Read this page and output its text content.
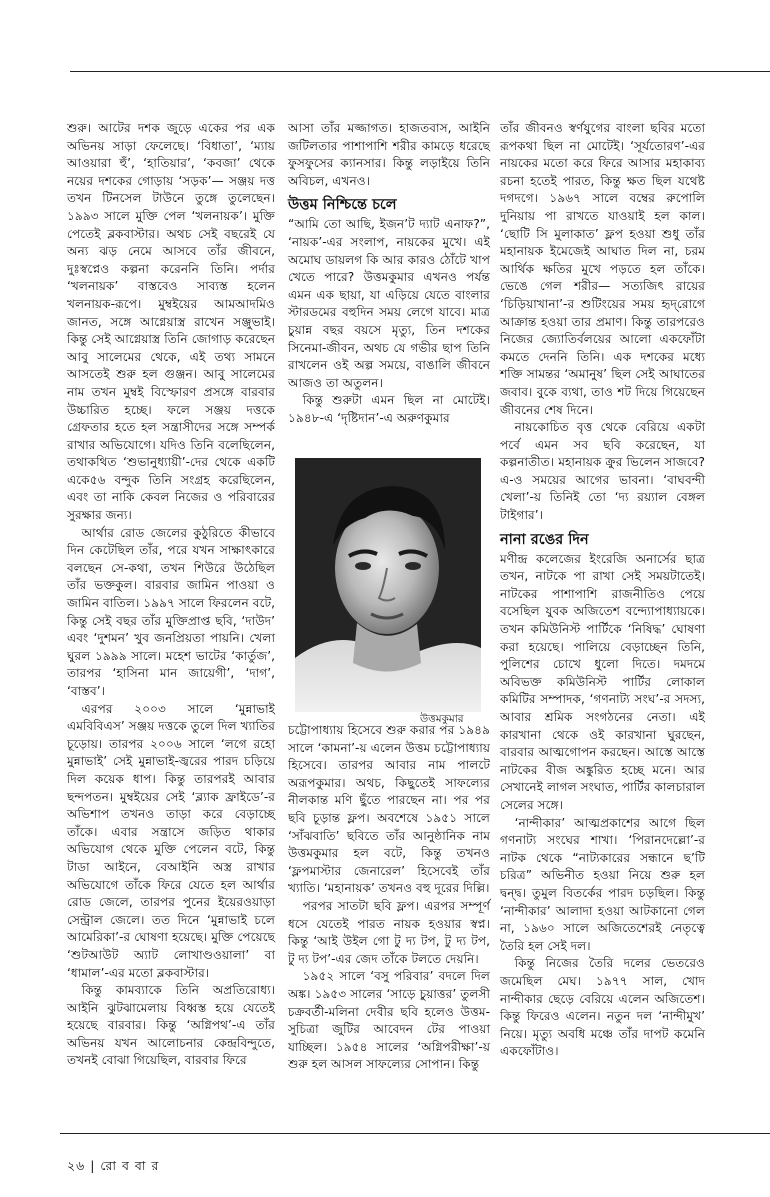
শুরু। আটের দশক জুড়ে একের পর এক অভিনয় সাড়া ফেলেছে। ‘বিধাতা’, ‘ম্যায় আওয়ারা হুঁ’, ‘হাতিয়ার’, ‘কবজা’ থেকে নয়ের দশকের গোড়ায় ‘সড়ক’— সঞ্জয় দত্ত তখন টিনসেল টাউনে তুঙ্গে তুলেছেন। ১৯৯৩ সালে মুক্তি পেল ‘খলনায়ক’। মুক্তি পেতেই ব্লকবাস্টার। অথচ সেই বছরেই যে অন্য ঝড় নেমে আসবে তাঁর জীবনে, দুঃস্বপ্নেও কল্পনা করেননি তিনি। পর্দার ‘খলনায়ক’ বাস্তবেও সাব্যস্ত হলেন খলনায়ক-রূপে। মুম্বইয়ের আমআদমিও জানত, সঙ্গে আগ্নেয়াস্ত্র রাখেন সঞ্জুভাই। কিন্তু সেই আগ্নেয়াস্ত্র তিনি জোগাড় করেছেন আবু সালেমের থেকে, এই তথ্য সামনে আসতেই শুরু হল গুঞ্জন। আবু সালেমের নাম তখন মুম্বই বিস্ফোরণ প্রসঙ্গে বারবার উচ্চারিত হচ্ছে। ফলে সঞ্জয় দত্তকে গ্রেফতার হতে হল সন্ত্রাসীদের সঙ্গে সম্পর্ক রাখার অভিযোগে। যদিও তিনি বলেছিলেন, তথাকথিত ‘শুভানুধ্যায়ী’-দের থেকে একটি একে৫৬ বন্দুক তিনি সংগ্রহ করেছিলেন, এবং তা নাকি কেবল নিজের ও পরিবারের সুরক্ষার জন্য।

আর্থার রোড জেলের কুঠুরিতে কীভাবে দিন কেটেছিল তাঁর, পরে যখন সাক্ষাৎকারে বলছেন সে-কথা, তখন শিউরে উঠেছিল তাঁর ভক্তকুল। বারবার জামিন পাওয়া ও জামিন বাতিল। ১৯৯৭ সালে ফিরলেন বটে, কিন্তু সেই বছর তাঁর মুক্তিপ্রাপ্ত ছবি, ‘দাউদ’ এবং ‘দুশমন’ খুব জনপ্রিয়তা পায়নি। খেলা ঘুরল ১৯৯৯ সালে। মহেশ ভাটের ‘কার্তুজ’, তারপর ‘হাসিনা মান জায়েগী’, ‘দাগ’, ‘বাস্তব’।

এরপর ২০০৩ সালে ‘মুন্নাভাই এমবিবিএস’ সঞ্জয় দত্তকে তুলে দিল খ্যাতির চূড়োয়। তারপর ২০০৬ সালে ‘লগে রহো মুন্নাভাই’ সেই মুন্নাভাই-জ্বরের পারদ চড়িয়ে দিল কয়েক ধাপ। কিন্তু তারপরই আবার ছন্দপতন। মুম্বইয়ের সেই ‘ব্ল্যাক ফ্রাইডে’-র অভিশাপ তখনও তাড়া করে বেড়াচ্ছে তাঁকে। এবার সন্ত্রাসে জড়িত থাকার অভিযোগ থেকে মুক্তি পেলেন বটে, কিন্তু টাডা আইনে, বেআইনি অস্ত্র রাখার অভিযোগে তাঁকে ফিরে যেতে হল আর্থার রোড জেলে, তারপর পুনের ইয়েরওয়াড়া সেন্ট্রাল জেলে। তত দিনে ‘মুন্নাভাই চলে আমেরিকা’-র ঘোষণা হয়েছে। মুক্তি পেয়েছে ‘শুটআউট অ্যাট লোখাণ্ডওয়ালা’ বা ‘ধামাল’-এর মতো ব্লকবাস্টার।

কিন্তু কামব্যাকে তিনি অপ্রতিরোধ্য। আইনি ঝুটঝামেলায় বিধ্বস্ত হয়ে যেতেই হয়েছে বারবার। কিন্তু ‘অগ্নিপথ’-এ তাঁর অভিনয় যখন আলোচনার কেন্দ্রবিন্দুতে, তখনই বোঝা গিয়েছিল, বারবার ফিরে

আসা তাঁর মজ্জাগত। হাজতবাস, আইনি জটিলতার পাশাপাশি শরীর কামড়ে ধরেছে ফুসফুসের ক্যানসার। কিন্তু লড়াইয়ে তিনি অবিচল, এখনও।

উত্তম নিশ্চিন্তে চলে

“আমি তো আছি, ইজন’ট দ্যাট এনাফ?”, ‘নায়ক’-এর সংলাপ, নায়কের মুখে। এই অমোঘ ডায়লগ কি আর কারও ঠোঁটে খাপ খেতে পারে? উত্তমকুমার এখনও পর্যন্ত এমন এক ছায়া, যা এড়িয়ে যেতে বাংলার স্টারডমের বহুদিন সময় লেগে যাবে। মাত্র চুয়ান্ন বছর বয়সে মৃত্যু, তিন দশকের সিনেমা-জীবন, অথচ যে গভীর ছাপ তিনি রাখলেন ওই অল্প সময়ে, বাঙালি জীবনে আজও তা অতুলন।

কিন্তু শুরুটা এমন ছিল না মোটেই। ১৯৪৮-এ ‘দৃষ্টিদান’-এ অরুণকুমার

উত্তমকুমার

চট্টোপাধ্যায় হিসেবে শুরু করার পর ১৯৪৯ সালে ‘কামনা’-য় এলেন উত্তম চট্টোপাধ্যায় হিসেবে। তারপর আবার নাম পালটে অরূপকুমার। অথচ, কিছুতেই সাফল্যের নীলকান্ত মণি ছুঁতে পারছেন না। পর পর ছবি চূড়ান্ত ফ্লপ। অবশেষে ১৯৫১ সালে ‘সাঁঝবাতি’ ছবিতে তাঁর আনুষ্ঠানিক নাম উত্তমকুমার হল বটে, কিন্তু তখনও ‘ফ্লপমাস্টার জেনারেল’ হিসেবেই তাঁর খ্যাতি। ‘মহানায়ক’ তখনও বহু দূরের দিল্লি।

পরপর সাতটা ছবি ফ্লপ। এরপর সম্পূর্ণ ধসে যেতেই পারত নায়ক হওয়ার স্বপ্ন। কিন্তু ‘আই উইল গো টু দ্য টপ, টু দ্য টপ, টু দ্য টপ’-এর জেদ তাঁকে টলতে দেয়নি।

১৯৫২ সালে ‘বসু পরিবার’ বদলে দিল অঙ্ক। ১৯৫৩ সালের ‘সাড়ে চুয়াত্তর’ তুলসী চক্রবর্তী-মলিনা দেবীর ছবি হলেও উত্তম-সুচিত্রা জুটির আবেদন টের পাওয়া যাচ্ছিল। ১৯৫৪ সালের ‘অগ্নিপরীক্ষা’-য় শুরু হল আসল সাফল্যের সোপান। কিন্তু

তাঁর জীবনও স্বর্ণযুগের বাংলা ছবির মতো রূপকথা ছিল না মোটেই। ‘সূর্যতোরণ’-এর নায়কের মতো করে ফিরে আসার মহাকাব্য রচনা হতেই পারত, কিন্তু ক্ষত ছিল যথেষ্ট দগদগে। ১৯৬৭ সালে বম্বের রুপোলি দুনিয়ায় পা রাখতে যাওয়াই হল কাল। ‘ছোটি সি মুলাকাত’ ফ্লপ হওয়া শুধু তাঁর মহানায়ক ইমেজেই আঘাত দিল না, চরম আর্থিক ক্ষতির মুখে পড়তে হল তাঁকে। ভেঙে গেল শরীর— সত্যজিৎ রায়ের ‘চিড়িয়াখানা’-র শুটিংয়ের সময় হৃদ্‌রোগে আক্রান্ত হওয়া তার প্রমাণ। কিন্তু তারপরেও নিজের জ্যোতির্বলয়ের আলো একফোঁটা কমতে দেননি তিনি। এক দশকের মধ্যে শক্তি সামন্তর ‘অমানুষ’ ছিল সেই আঘাতের জবাব। বুকে ব্যথা, তাও শট দিয়ে গিয়েছেন জীবনের শেষ দিনে।

নায়কোচিত বৃত্ত থেকে বেরিয়ে একটা পর্বে এমন সব ছবি করেছেন, যা কল্পনাতীত। মহানায়ক ক্রুর ভিলেন সাজবে? এ-ও সময়ের আগের ভাবনা। ‘বাঘবন্দী খেলা’-য় তিনিই তো ‘দ্য রয়্যাল বেঙ্গল টাইগার’।

নানা রঙের দিন

মণীন্দ্র কলেজের ইংরেজি অনার্সের ছাত্র তখন, নাটকে পা রাখা সেই সময়টাতেই। নাটকের পাশাপাশি রাজনীতিও পেয়ে বসেছিল যুবক অজিতেশ বন্দ্যোপাধ্যায়কে। তখন কমিউনিস্ট পার্টিকে ‘নিষিদ্ধ’ ঘোষণা করা হয়েছে। পালিয়ে বেড়াচ্ছেন তিনি, পুলিশের চোখে ধুলো দিতে। দমদমে অবিভক্ত কমিউনিস্ট পার্টির লোকাল কমিটির সম্পাদক, ‘গণনাট্য সংঘ’-র সদস্য, আবার শ্রমিক সংগঠনের নেতা। এই কারখানা থেকে ওই কারখানা ঘুরছেন, বারবার আত্মগোপন করছেন। আস্তে আস্তে নাটকের বীজ অঙ্কুরিত হচ্ছে মনে। আর সেখানেই লাগল সংঘাত, পার্টির কালচারাল সেলের সঙ্গে।

‘নান্দীকার’ আত্মপ্রকাশের আগে ছিল গণনাট্য সংঘের শাখা। ‘পিরানদেল্লো’-র নাটক থেকে “নাট্যকারের সন্ধানে ছ’টি চরিত্র” অভিনীত হওয়া নিয়ে শুরু হল দ্বন্দ্ব। তুমুল বিতর্কের পারদ চড়ছিল। কিন্তু ‘নান্দীকার’ আলাদা হওয়া আটকানো গেল না, ১৯৬০ সালে অজিতেশেরই নেতৃত্বে তৈরি হল সেই দল।

কিন্তু নিজের তৈরি দলের ভেতরেও জমেছিল মেঘ। ১৯৭৭ সাল, খোদ নান্দীকার ছেড়ে বেরিয়ে এলেন অজিতেশ। কিন্তু ফিরেও এলেন। নতুন দল ‘নান্দীমুখ’ নিয়ে। মৃত্যু অবধি মঞ্চে তাঁর দাপট কমেনি একফোঁটাও।

২৬ | রো ব বা র
